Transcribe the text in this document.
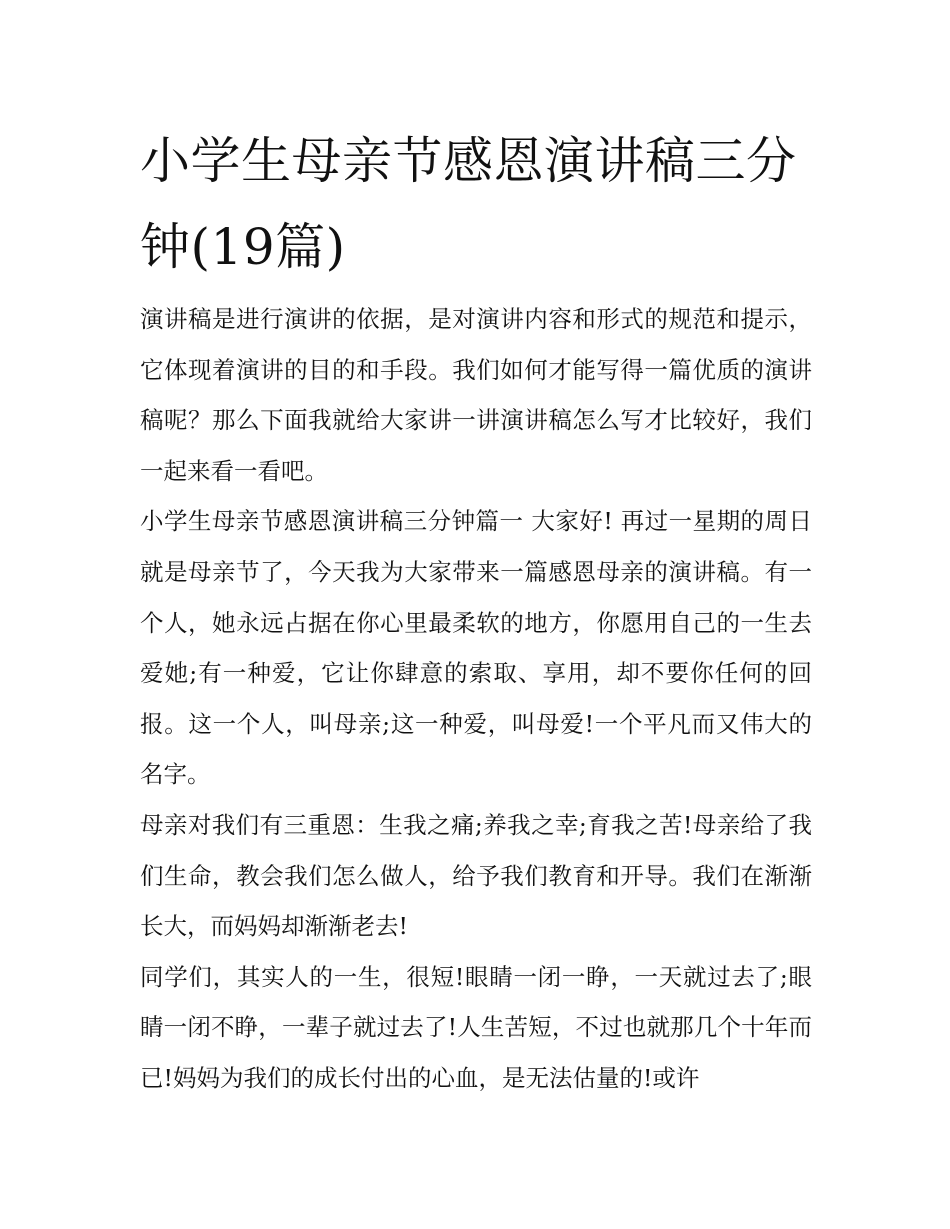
小学生母亲节感恩演讲稿三分钟(19篇)

演讲稿是进行演讲的依据，是对演讲内容和形式的规范和提示，它体现着演讲的目的和手段。我们如何才能写得一篇优质的演讲稿呢？那么下面我就给大家讲一讲演讲稿怎么写才比较好，我们一起来看一看吧。

小学生母亲节感恩演讲稿三分钟篇一 大家好! 再过一星期的周日就是母亲节了，今天我为大家带来一篇感恩母亲的演讲稿。有一个人，她永远占据在你心里最柔软的地方，你愿用自己的一生去爱她;有一种爱，它让你肆意的索取、享用，却不要你任何的回报。这一个人，叫母亲;这一种爱，叫母爱!一个平凡而又伟大的名字。

母亲对我们有三重恩：生我之痛;养我之幸;育我之苦!母亲给了我们生命，教会我们怎么做人，给予我们教育和开导。我们在渐渐长大，而妈妈却渐渐老去!

同学们，其实人的一生，很短!眼睛一闭一睁，一天就过去了;眼睛一闭不睁，一辈子就过去了!人生苦短，不过也就那几个十年而已!妈妈为我们的成长付出的心血，是无法估量的!或许
